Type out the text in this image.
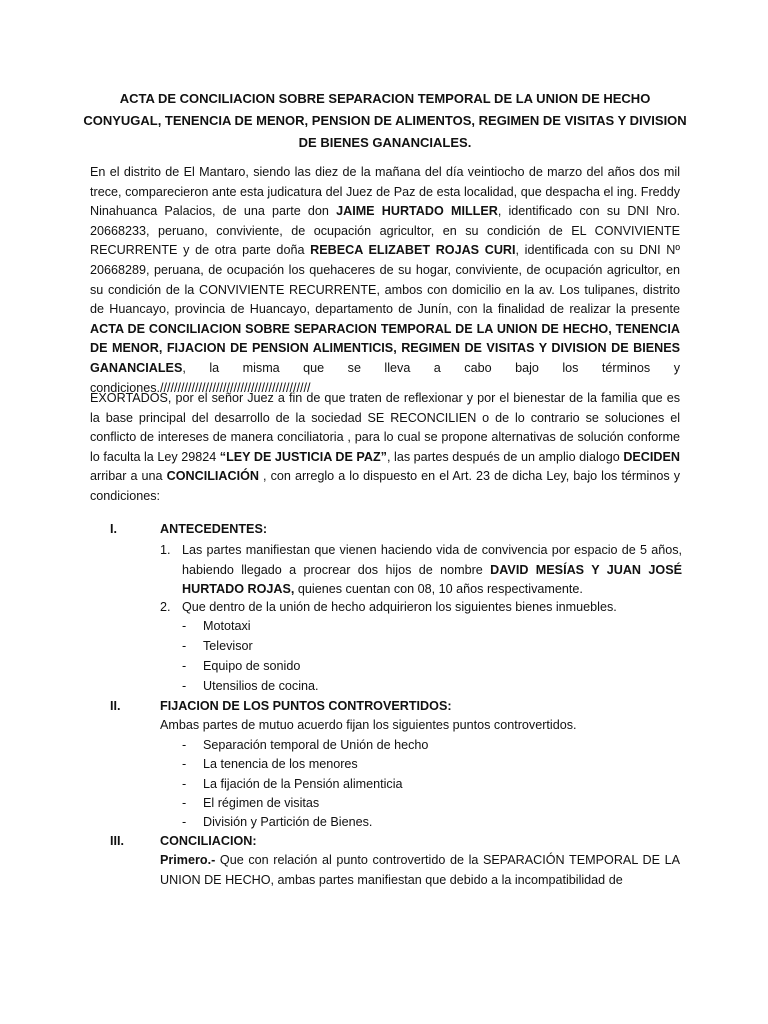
ACTA DE CONCILIACION SOBRE SEPARACION TEMPORAL DE LA UNION DE HECHO CONYUGAL, TENENCIA DE MENOR, PENSION DE ALIMENTOS, REGIMEN DE VISITAS Y DIVISION DE BIENES GANANCIALES.
En el distrito de El Mantaro, siendo las diez de la mañana del día veintiocho de marzo del años dos mil trece, comparecieron ante esta judicatura del Juez de Paz de esta localidad, que despacha el ing. Freddy Ninahuanca Palacios, de una parte don JAIME HURTADO MILLER, identificado con su DNI Nro. 20668233, peruano, conviviente, de ocupación agricultor, en su condición de EL CONVIVIENTE RECURRENTE y de otra parte doña REBECA ELIZABET ROJAS CURI, identificada con su DNI Nº 20668289, peruana, de ocupación los quehaceres de su hogar, conviviente, de ocupación agricultor, en su condición de la CONVIVIENTE RECURRENTE, ambos con domicilio en la av. Los tulipanes, distrito de Huancayo, provincia de Huancayo, departamento de Junín, con la finalidad de realizar la presente ACTA DE CONCILIACION SOBRE SEPARACION TEMPORAL DE LA UNION DE HECHO, TENENCIA DE MENOR, FIJACION DE PENSION ALIMENTICIS, REGIMEN DE VISITAS Y DIVISION DE BIENES GANANCIALES, la misma que se lleva a cabo bajo los términos y condiciones.///////////////////////////////////////////
EXORTADOS, por el señor Juez a fin de que traten de reflexionar y por el bienestar de la familia que es la base principal del desarrollo de la sociedad SE RECONCILIEN o de lo contrario se soluciones el conflicto de intereses de manera conciliatoria , para lo cual se propone alternativas de solución conforme lo faculta la Ley 29824 “LEY DE JUSTICIA DE PAZ”, las partes después de un amplio dialogo DECIDEN arribar a una CONCILIACIÓN , con arreglo a lo dispuesto en el Art. 23 de dicha Ley, bajo los términos y condiciones:
I.	ANTECEDENTES:
1. Las partes manifiestan que vienen haciendo vida de convivencia por espacio de 5 años, habiendo llegado a procrear dos hijos de nombre DAVID MESÍAS Y JUAN JOSÉ HURTADO ROJAS, quienes cuentan con 08, 10 años respectivamente.
2. Que dentro de la unión de hecho adquirieron los siguientes bienes inmuebles.
-	Mototaxi
-	Televisor
-	Equipo de sonido
-	Utensilios de cocina.
II.	FIJACION DE LOS PUNTOS CONTROVERTIDOS:
Ambas partes de mutuo acuerdo fijan los siguientes puntos controvertidos.
-	Separación temporal de Unión de hecho
-	La tenencia de los menores
-	La fijación de la Pensión alimenticia
-	El régimen de visitas
-	División y Partición de Bienes.
III.	CONCILIACION:
Primero.- Que con relación al punto controvertido de la SEPARACIÓN TEMPORAL DE LA UNION DE HECHO, ambas partes manifiestan que debido a la incompatibilidad de
